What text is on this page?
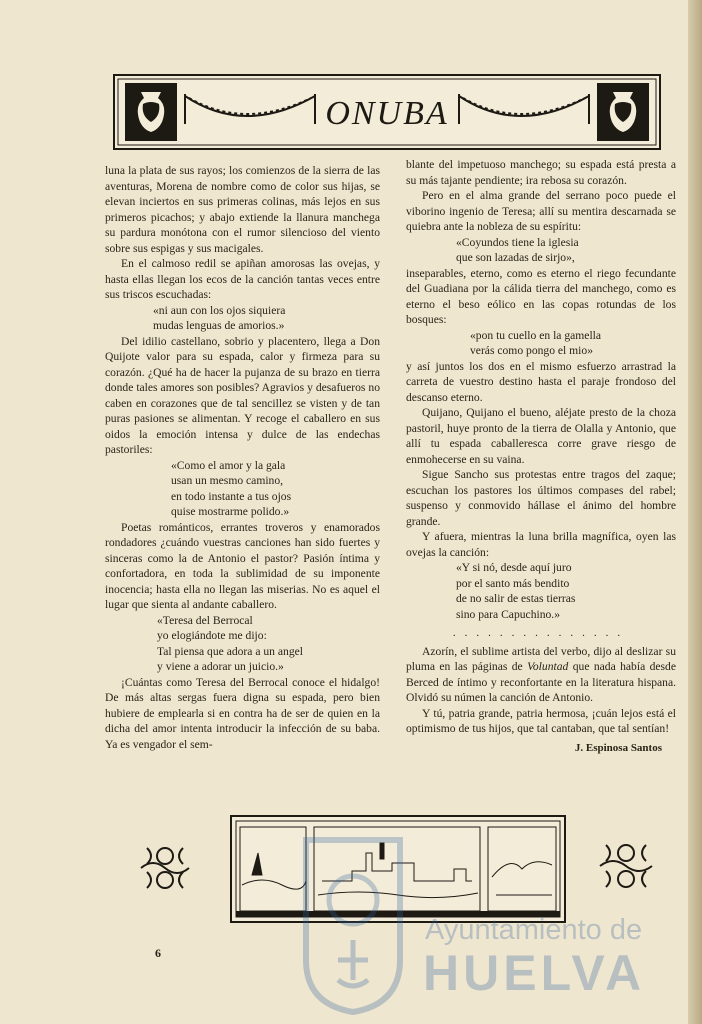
ONUBA

luna la plata de sus rayos; los comienzos de la sierra de las aventuras, Morena de nombre como de color sus hijas, se elevan inciertos en sus primeras colinas, más lejos en sus primeros picachos; y abajo extiende la llanura manchega su pardura monótona con el rumor silencioso del viento sobre sus espigas y sus macigales.

En el calmoso redil se apiñan amorosas las ovejas, y hasta ellas llegan los ecos de la canción tantas veces entre sus triscos escuchadas:

«ni aun con los ojos siquiera
mudas lenguas de amorios.»

Del idilio castellano, sobrio y placentero, llega a Don Quijote valor para su espada, calor y firmeza para su corazón. ¿Qué ha de hacer la pujanza de su brazo en tierra donde tales amores son posibles? Agravios y desafueros no caben en corazones que de tal sencillez se visten y de tan puras pasiones se alimentan. Y recoge el caballero en sus oidos la emoción intensa y dulce de las endechas pastoriles:

«Como el amor y la gala
usan un mesmo camino,
en todo instante a tus ojos
quise mostrarme polido.»

Poetas románticos, errantes troveros y enamorados rondadores ¿cuándo vuestras canciones han sido fuertes y sinceras como la de Antonio el pastor? Pasión íntima y confortadora, en toda la sublimidad de su imponente inocencia; hasta ella no llegan las miserias. No es aquel el lugar que sienta al andante caballero.

«Teresa del Berrocal
yo elogiándote me dijo:
Tal piensa que adora a un angel
y viene a adorar un juicio.»

¡Cuántas como Teresa del Berrocal conoce el hidalgo! De más altas sergas fuera digna su espada, pero bien hubiere de emplearla si en contra ha de ser de quien en la dicha del amor intenta introducir la infección de su baba. Ya es vengador el sem-

blante del impetuoso manchego; su espada está presta a su más tajante pendiente; ira rebosa su corazón.

Pero en el alma grande del serrano poco puede el viborino ingenio de Teresa; allí su mentira descarnada se quiebra ante la nobleza de su espíritu:

«Coyundos tiene la iglesia
que son lazadas de sirjo»,

inseparables, eterno, como es eterno el riego fecundante del Guadiana por la cálida tierra del manchego, como es eterno el beso eólico en las copas rotundas de los bosques:

«pon tu cuello en la gamella
verás como pongo el mio»

y así juntos los dos en el mismo esfuerzo arrastrad la carreta de vuestro destino hasta el paraje frondoso del descanso eterno.

Quijano, Quijano el bueno, aléjate presto de la choza pastoril, huye pronto de la tierra de Olalla y Antonio, que allí tu espada caballeresca corre grave riesgo de enmohecerse en su vaina.

Sigue Sancho sus protestas entre tragos del zaque; escuchan los pastores los últimos compases del rabel; suspenso y conmovido hállase el ánimo del hombre grande.

Y afuera, mientras la luna brilla magnífica, oyen las ovejas la canción:

«Y si nó, desde aquí juro
por el santo más bendito
de no salir de estas tierras
sino para Capuchino.»
...............

Azorín, el sublime artista del verbo, dijo al deslizar su pluma en las páginas de Voluntad que nada había desde Berced de íntimo y reconfortante en la literatura hispana. Olvidó su númen la canción de Antonio.

Y tú, patria grande, patria hermosa, ¡cuán lejos está el optimismo de tus hijos, que tal cantaban, que tal sentían!

J. Espinosa Santos
6
Ayuntamiento de
HUELVA
